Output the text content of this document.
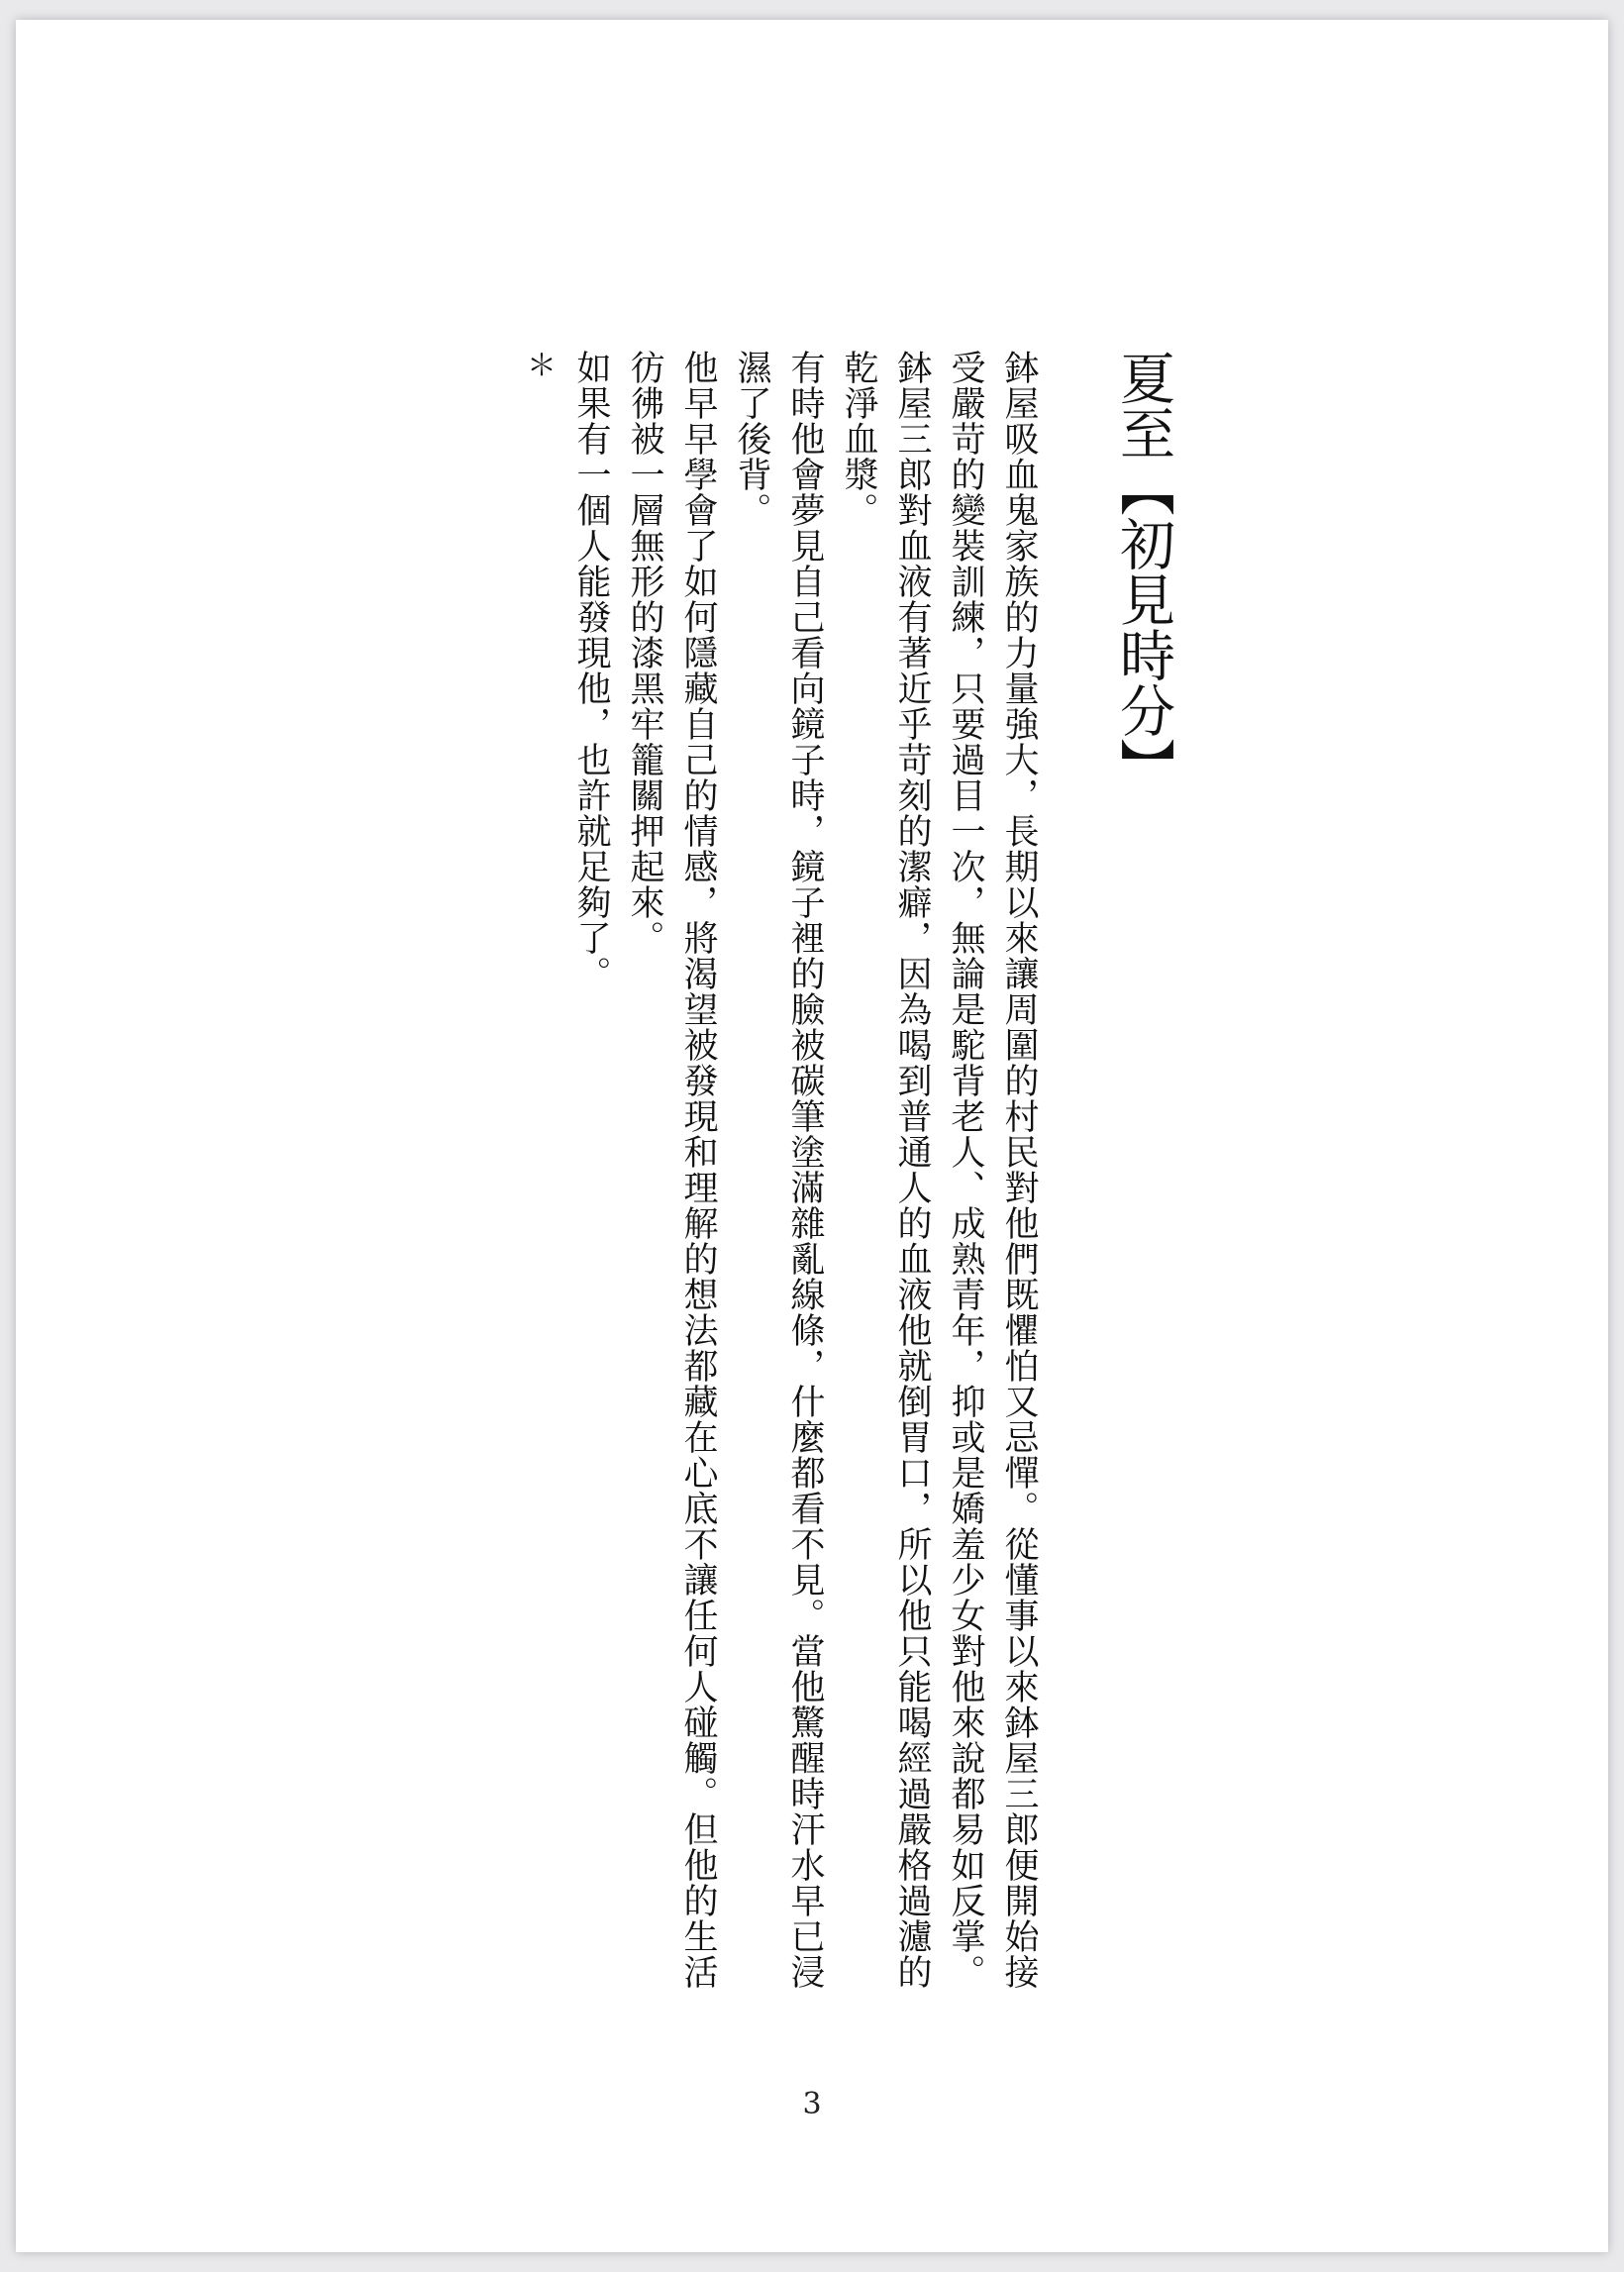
夏至【初見時分】

鉢屋吸血鬼家族的力量強大，長期以來讓周圍的村民對他們既懼怕又忌憚。從懂事以來鉢屋三郎便開始接受嚴苛的變裝訓練，只要過目一次，無論是駝背老人、成熟青年，抑或是嬌羞少女對他來說都易如反掌。

鉢屋三郎對血液有著近乎苛刻的潔癖，因為喝到普通人的血液他就倒胃口，所以他只能喝經過嚴格過濾的乾淨血漿。

有時他會夢見自己看向鏡子時，鏡子裡的臉被碳筆塗滿雜亂線條，什麼都看不見。當他驚醒時汗水早已浸濕了後背。

他早早學會了如何隱藏自己的情感，將渴望被發現和理解的想法都藏在心底不讓任何人碰觸。但他的生活彷彿被一層無形的漆黑牢籠關押起來。

如果有一個人能發現他，也許就足夠了。

＊

3
